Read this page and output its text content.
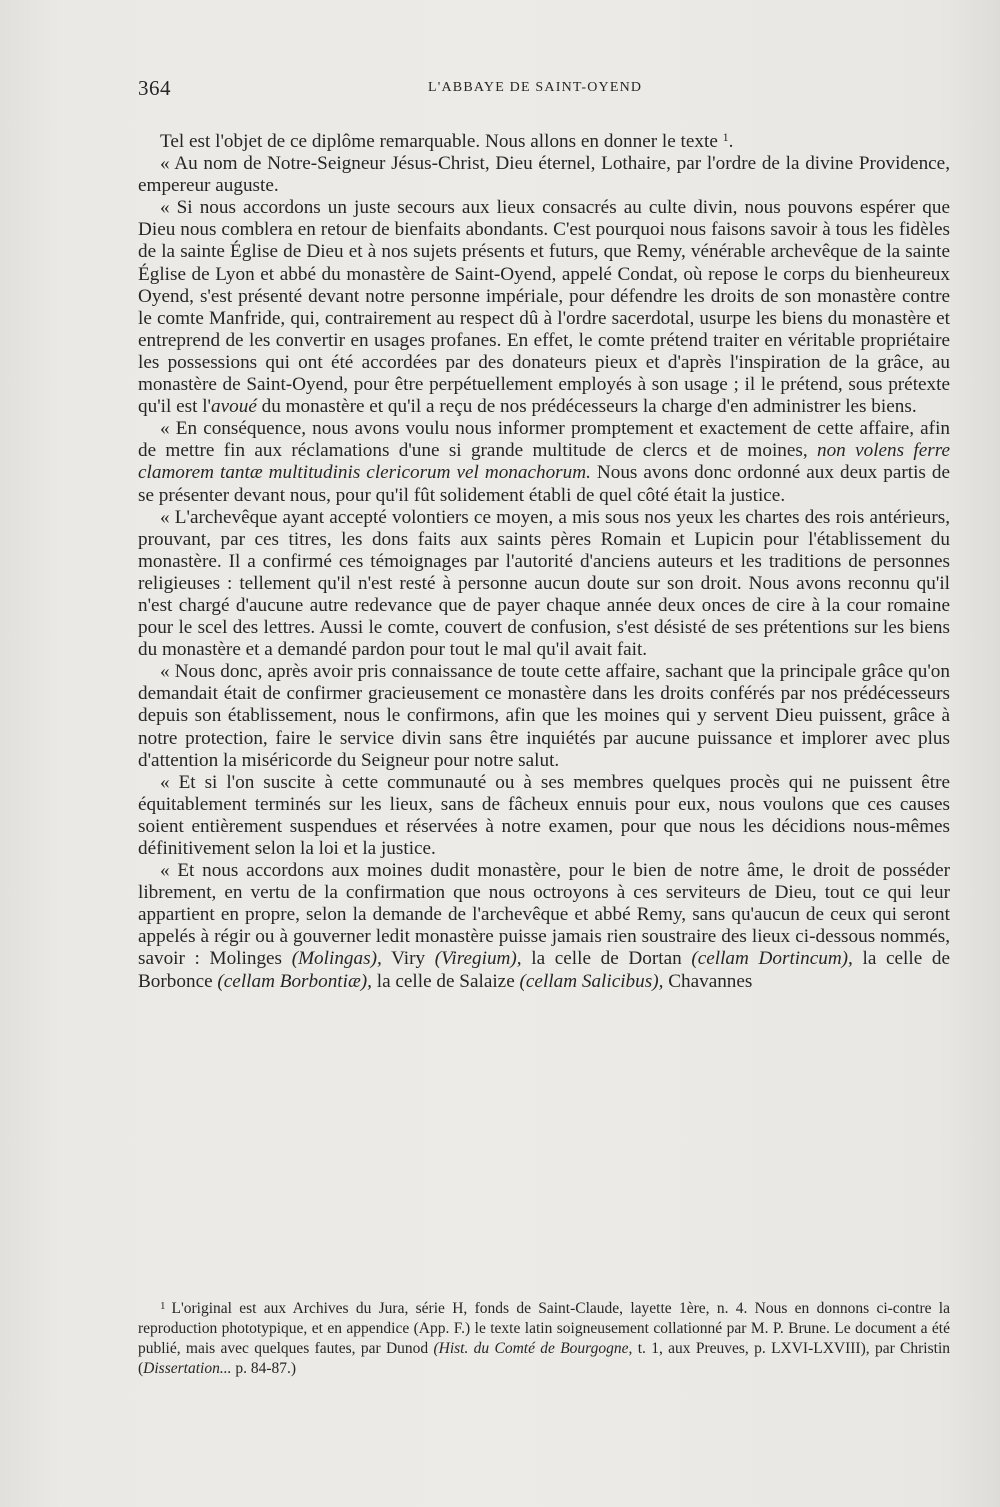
364	L'ABBAYE DE SAINT-OYEND

Tel est l'objet de ce diplôme remarquable. Nous allons en donner le texte $^1$.

« Au nom de Notre-Seigneur Jésus-Christ, Dieu éternel, Lothaire, par l'ordre de la divine Providence, empereur auguste.

« Si nous accordons un juste secours aux lieux consacrés au culte divin, nous pouvons espérer que Dieu nous comblera en retour de bienfaits abondants. C'est pourquoi nous faisons savoir à tous les fidèles de la sainte Église de Dieu et à nos sujets présents et futurs, que Remy, vénérable archevêque de la sainte Église de Lyon et abbé du monastère de Saint-Oyend, appelé Condat, où repose le corps du bienheureux Oyend, s'est présenté devant notre personne impériale, pour défendre les droits de son monastère contre le comte Manfride, qui, contrairement au respect dû à l'ordre sacerdotal, usurpe les biens du monastère et entreprend de les convertir en usages profanes. En effet, le comte prétend traiter en véritable propriétaire les possessions qui ont été accordées par des donateurs pieux et d'après l'inspiration de la grâce, au monastère de Saint-Oyend, pour être perpétuellement employés à son usage ; il le prétend, sous prétexte qu'il est l'avoué du monastère et qu'il a reçu de nos prédécesseurs la charge d'en administrer les biens.

« En conséquence, nous avons voulu nous informer promptement et exactement de cette affaire, afin de mettre fin aux réclamations d'une si grande multitude de clercs et de moines, non volens ferre clamorem tantæ multitudinis clericorum vel monachorum. Nous avons donc ordonné aux deux partis de se présenter devant nous, pour qu'il fût solidement établi de quel côté était la justice.

« L'archevêque ayant accepté volontiers ce moyen, a mis sous nos yeux les chartes des rois antérieurs, prouvant, par ces titres, les dons faits aux saints pères Romain et Lupicin pour l'établissement du monastère. Il a confirmé ces témoignages par l'autorité d'anciens auteurs et les traditions de personnes religieuses : tellement qu'il n'est resté à personne aucun doute sur son droit. Nous avons reconnu qu'il n'est chargé d'aucune autre redevance que de payer chaque année deux onces de cire à la cour romaine pour le scel des lettres. Aussi le comte, couvert de confusion, s'est désisté de ses prétentions sur les biens du monastère et a demandé pardon pour tout le mal qu'il avait fait.

« Nous donc, après avoir pris connaissance de toute cette affaire, sachant que la principale grâce qu'on demandait était de confirmer gracieusement ce monastère dans les droits conférés par nos prédécesseurs depuis son établissement, nous le confirmons, afin que les moines qui y servent Dieu puissent, grâce à notre protection, faire le service divin sans être inquiétés par aucune puissance et implorer avec plus d'attention la miséricorde du Seigneur pour notre salut.

« Et si l'on suscite à cette communauté ou à ses membres quelques procès qui ne puissent être équitablement terminés sur les lieux, sans de fâcheux ennuis pour eux, nous voulons que ces causes soient entièrement suspendues et réservées à notre examen, pour que nous les décidions nous-mêmes définitivement selon la loi et la justice.

« Et nous accordons aux moines dudit monastère, pour le bien de notre âme, le droit de posséder librement, en vertu de la confirmation que nous octroyons à ces serviteurs de Dieu, tout ce qui leur appartient en propre, selon la demande de l'archevêque et abbé Remy, sans qu'aucun de ceux qui seront appelés à régir ou à gouverner ledit monastère puisse jamais rien soustraire des lieux ci-dessous nommés, savoir : Molinges (Molingas), Viry (Viregium), la celle de Dortan (cellam Dortincum), la celle de Borbonce (cellam Borbontiæ), la celle de Salaize (cellam Salicibus), Chavannes

$^1$ L'original est aux Archives du Jura, série H, fonds de Saint-Claude, layette 1ère, n. 4. Nous en donnons ci-contre la reproduction phototypique, et en appendice (App. F.) le texte latin soigneusement collationné par M. P. Brune. Le document a été publié, mais avec quelques fautes, par Dunod (Hist. du Comté de Bourgogne, t. 1, aux Preuves, p. LXVI-LXVIII), par Christin (Dissertation... p. 84-87.)
